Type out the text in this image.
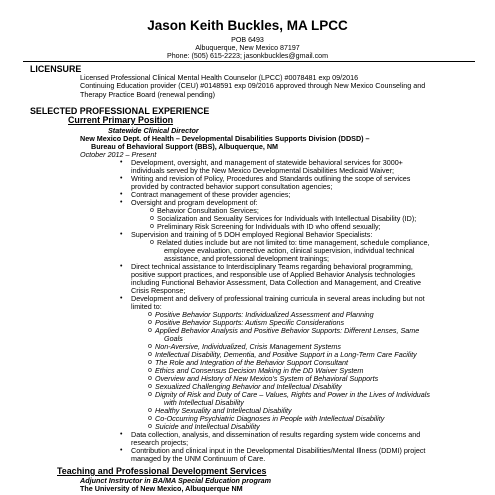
Jason Keith Buckles, MA LPCC
POB 6493
Albuquerque, New Mexico 87197
Phone: (505) 615-2223; jasonkbuckles@gmail.com
LICENSURE
Licensed Professional Clinical Mental Health Counselor (LPCC) #0078481 exp 09/2016
Continuing Education provider (CEU) #0148591 exp 09/2016 approved through New Mexico Counseling and
Therapy Practice Board (renewal pending)
SELECTED PROFESSIONAL EXPERIENCE
Current Primary Position
Statewide Clinical Director
New Mexico Dept. of Health – Developmental Disabilities Supports Division (DDSD) –
Bureau of Behavioral Support (BBS), Albuquerque, NM
October 2012 – Present
• Development, oversight, and management of statewide behavioral services for 3000+
individuals served by the New Mexico Developmental Disabilities Medicaid Waiver;
• Writing and revision of Policy, Procedures and Standards outlining the scope of services
provided by contracted behavior support consultation agencies;
• Contract management of these provider agencies;
• Oversight and program development of:
o Behavior Consultation Services;
o Socialization and Sexuality Services for Individuals with Intellectual Disability (ID);
o Preliminary Risk Screening for Individuals with ID who offend sexually;
• Supervision and training of 5 DOH employed Regional Behavior Specialists:
o Related duties include but are not limited to: time management, schedule compliance,
employee evaluation, corrective action, clinical supervision, individual technical
assistance, and professional development trainings;
• Direct technical assistance to Interdisciplinary Teams regarding behavioral programming,
positive support practices, and responsible use of Applied Behavior Analysis technologies
including Functional Behavior Assessment, Data Collection and Management, and Creative
Crisis Response;
• Development and delivery of professional training curricula in several areas including but not
limited to:
o Positive Behavior Supports: Individualized Assessment and Planning
o Positive Behavior Supports: Autism Specific Considerations
o Applied Behavior Analysis and Positive Behavior Supports: Different Lenses, Same
Goals
o Non-Aversive, Individualized, Crisis Management Systems
o Intellectual Disability, Dementia, and Positive Support in a Long-Term Care Facility
o The Role and Integration of the Behavior Support Consultant
o Ethics and Consensus Decision Making in the DD Waiver System
o Overview and History of New Mexico’s System of Behavioral Supports
o Sexualized Challenging Behavior and Intellectual Disability
o Dignity of Risk and Duty of Care – Values, Rights and Power in the Lives of Individuals
with Intellectual Disability
o Healthy Sexuality and Intellectual Disability
o Co-Occurring Psychiatric Diagnoses in People with Intellectual Disability
o Suicide and Intellectual Disability
• Data collection, analysis, and dissemination of results regarding system wide concerns and
research projects;
• Contribution and clinical input in the Developmental Disabilities/Mental Illness (DDMI) project
managed by the UNM Continuum of Care.
Teaching and Professional Development Services
Adjunct Instructor in BA/MA Special Education program
The University of New Mexico, Albuquerque NM
